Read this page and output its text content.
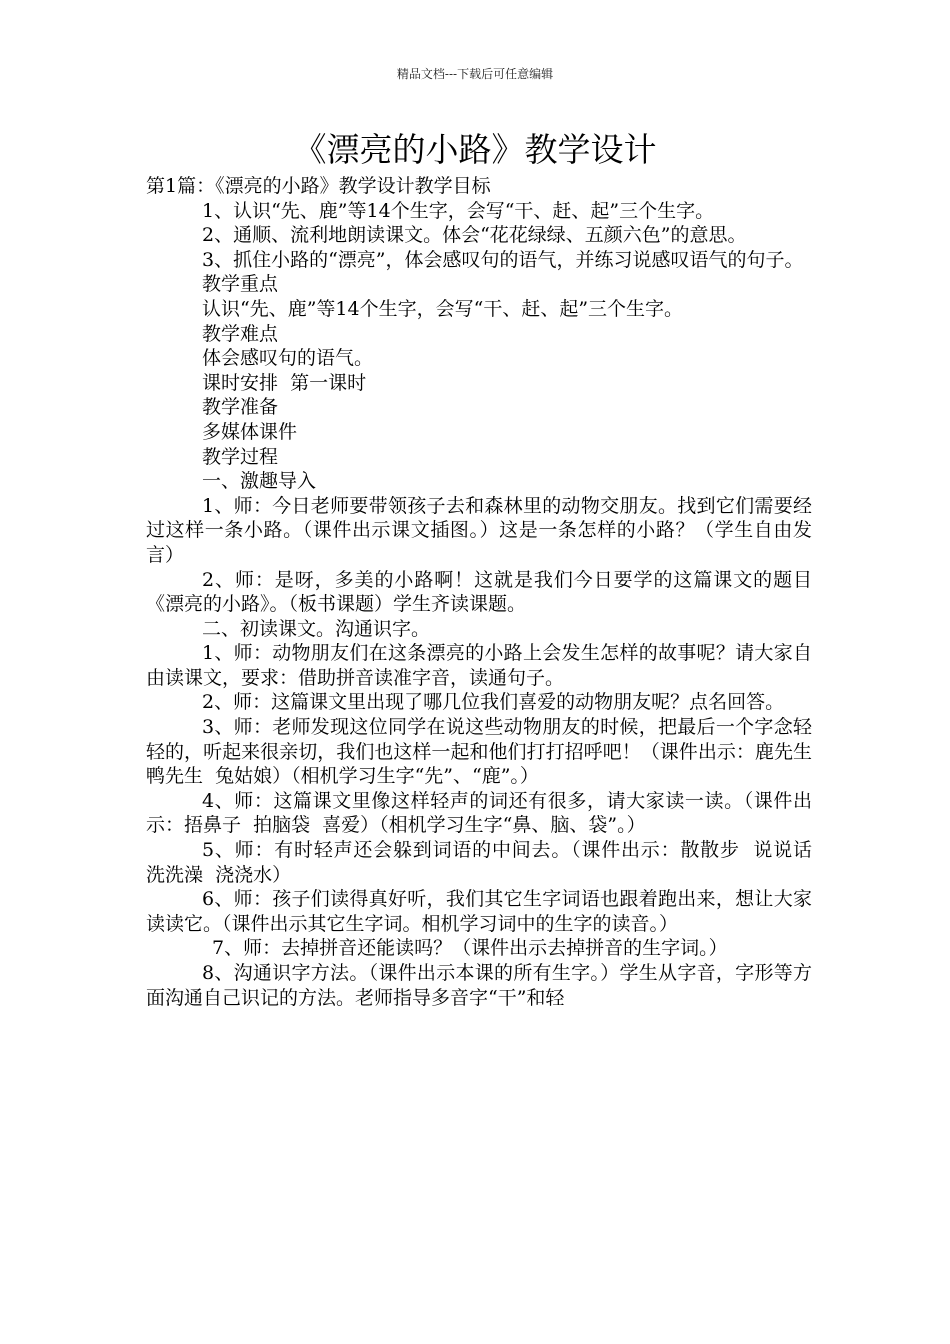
精品文档---下载后可任意编辑
《漂亮的小路》教学设计

第1篇：《漂亮的小路》教学设计教学目标

1、认识“先、鹿”等14个生字，会写“干、赶、起”三个生字。

2、通顺、流利地朗读课文。体会“花花绿绿、五颜六色”的意思。

3、抓住小路的“漂亮”，体会感叹句的语气，并练习说感叹语气的句子。

教学重点

认识“先、鹿”等14个生字，会写“干、赶、起”三个生字。

教学难点

体会感叹句的语气。

课时安排  第一课时

教学准备

多媒体课件

教学过程

一、激趣导入

1、师：今日老师要带领孩子去和森林里的动物交朋友。找到它们需要经过这样一条小路。（课件出示课文插图。）这是一条怎样的小路？（学生自由发言）

2、师：是呀，多美的小路啊！这就是我们今日要学的这篇课文的题目《漂亮的小路》。（板书课题）学生齐读课题。

二、初读课文。沟通识字。

1、师：动物朋友们在这条漂亮的小路上会发生怎样的故事呢？请大家自由读课文，要求：借助拼音读准字音，读通句子。

2、师：这篇课文里出现了哪几位我们喜爱的动物朋友呢？点名回答。

3、师：老师发现这位同学在说这些动物朋友的时候，把最后一个字念轻轻的，听起来很亲切，我们也这样一起和他们打打招呼吧！（课件出示：鹿先生  鸭先生  兔姑娘）（相机学习生字“先”、“鹿”。）

4、师：这篇课文里像这样轻声的词还有很多，请大家读一读。（课件出示：捂鼻子  拍脑袋  喜爱）（相机学习生字“鼻、脑、袋”。）

5、师：有时轻声还会躲到词语的中间去。（课件出示：散散步  说说话  洗洗澡  浇浇水）

6、师：孩子们读得真好听，我们其它生字词语也跟着跑出来，想让大家读读它。（课件出示其它生字词。相机学习词中的生字的读音。）

7、师：去掉拼音还能读吗？（课件出示去掉拼音的生字词。）

8、沟通识字方法。（课件出示本课的所有生字。）学生从字音，字形等方面沟通自己识记的方法。老师指导多音字“干”和轻
